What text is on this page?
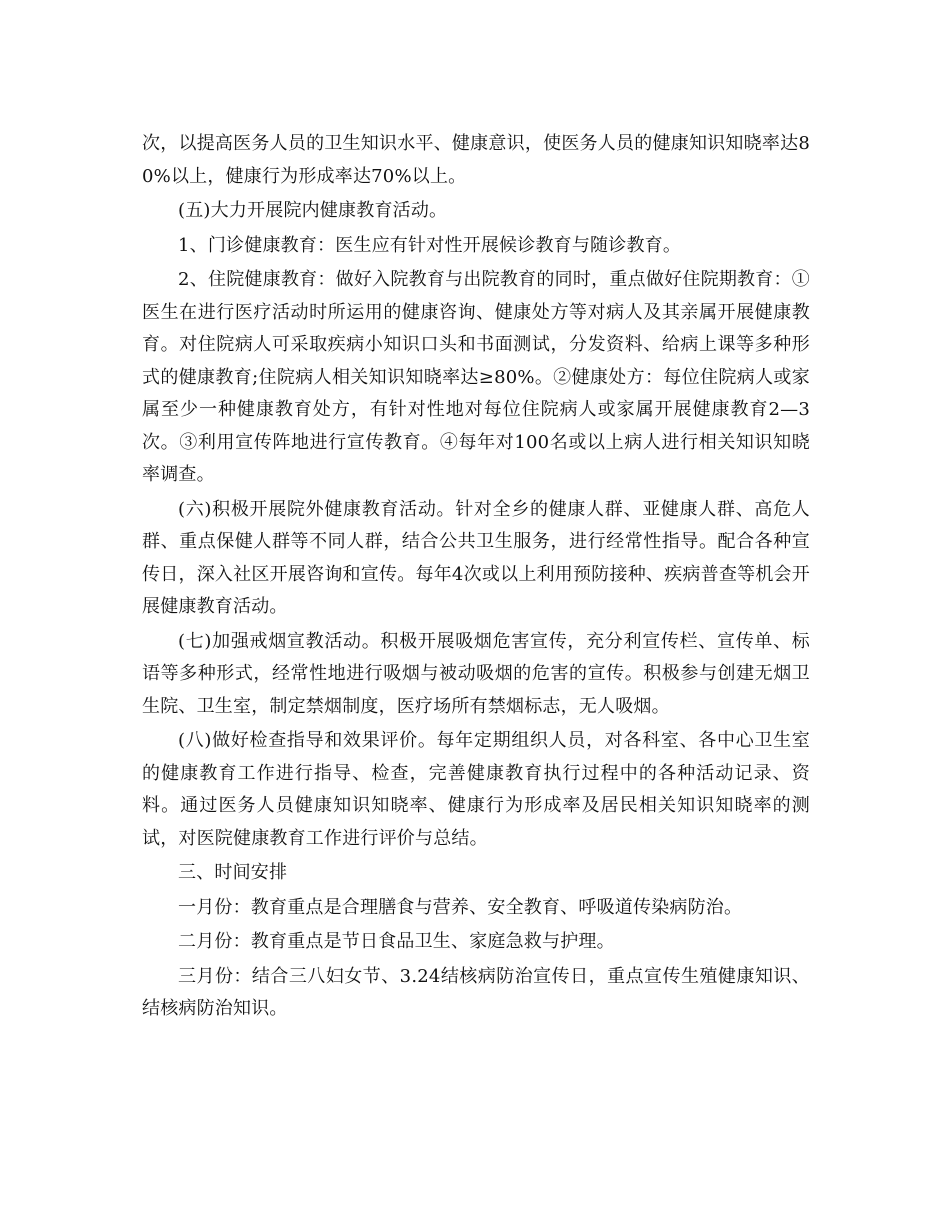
次，以提高医务人员的卫生知识水平、健康意识，使医务人员的健康知识知晓率达80%以上，健康行为形成率达70%以上。

(五)大力开展院内健康教育活动。

1、门诊健康教育：医生应有针对性开展候诊教育与随诊教育。

2、住院健康教育：做好入院教育与出院教育的同时，重点做好住院期教育：①医生在进行医疗活动时所运用的健康咨询、健康处方等对病人及其亲属开展健康教育。对住院病人可采取疾病小知识口头和书面测试，分发资料、给病上课等多种形式的健康教育;住院病人相关知识知晓率达≥80%。②健康处方：每位住院病人或家属至少一种健康教育处方，有针对性地对每位住院病人或家属开展健康教育2—3次。③利用宣传阵地进行宣传教育。④每年对100名或以上病人进行相关知识知晓率调查。

(六)积极开展院外健康教育活动。针对全乡的健康人群、亚健康人群、高危人群、重点保健人群等不同人群，结合公共卫生服务，进行经常性指导。配合各种宣传日，深入社区开展咨询和宣传。每年4次或以上利用预防接种、疾病普查等机会开展健康教育活动。

(七)加强戒烟宣教活动。积极开展吸烟危害宣传，充分利宣传栏、宣传单、标语等多种形式，经常性地进行吸烟与被动吸烟的危害的宣传。积极参与创建无烟卫生院、卫生室，制定禁烟制度，医疗场所有禁烟标志，无人吸烟。

(八)做好检查指导和效果评价。每年定期组织人员，对各科室、各中心卫生室的健康教育工作进行指导、检查，完善健康教育执行过程中的各种活动记录、资料。通过医务人员健康知识知晓率、健康行为形成率及居民相关知识知晓率的测试，对医院健康教育工作进行评价与总结。

三、时间安排

一月份：教育重点是合理膳食与营养、安全教育、呼吸道传染病防治。

二月份：教育重点是节日食品卫生、家庭急救与护理。

三月份：结合三八妇女节、3.24结核病防治宣传日，重点宣传生殖健康知识、结核病防治知识。
